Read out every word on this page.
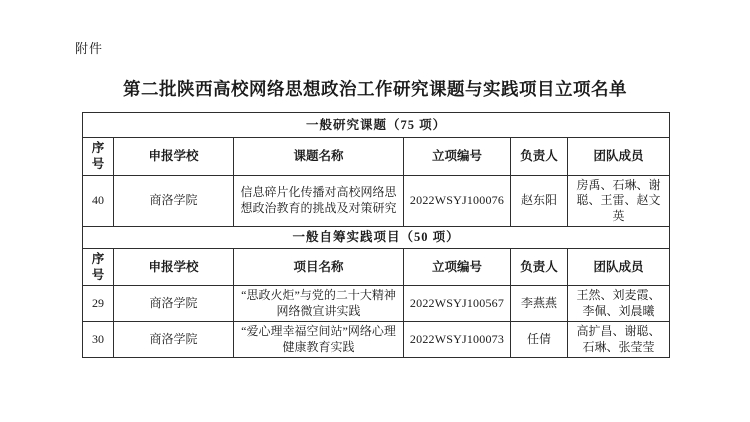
附件
第二批陕西高校网络思想政治工作研究课题与实践项目立项名单
一般研究课题（75 项）					
序号	申报学校	课题名称	立项编号	负责人	团队成员
40	商洛学院	信息碎片化传播对高校网络思想政治教育的挑战及对策研究	2022WSYJ100076	赵东阳	房禹、石琳、谢聪、王雷、赵文英
一般自筹实践项目（50 项）					
序号	申报学校	项目名称	立项编号	负责人	团队成员
29	商洛学院	“思政火炬”与党的二十大精神网络微宣讲实践	2022WSYJ100567	李燕燕	王然、刘麦霞、李佩、刘晨曦
30	商洛学院	“爱心理幸福空间站”网络心理健康教育实践	2022WSYJ100073	任倩	高扩昌、谢聪、石琳、张莹莹
